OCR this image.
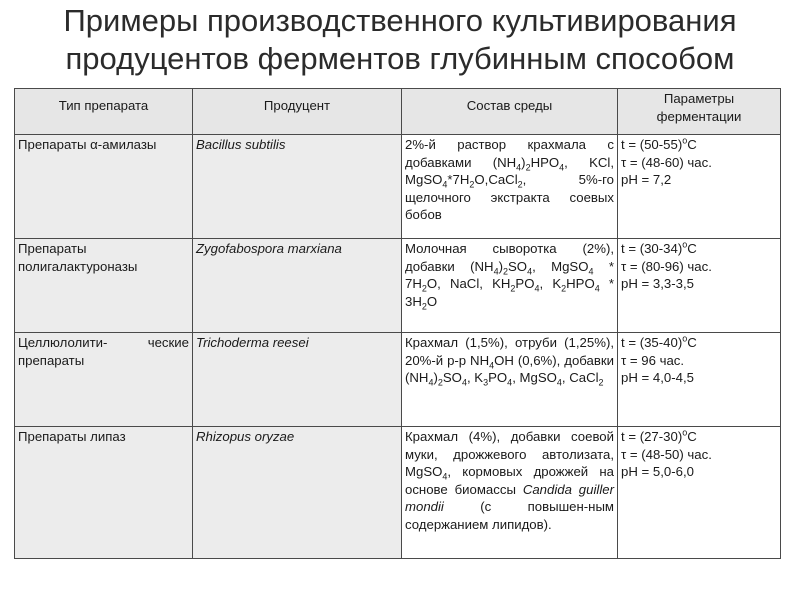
Примеры производственного культивирования
продуцентов ферментов глубинным способом
Тип препарата	Продуцент	Состав среды	Параметры ферментации
Препараты α-амилазы	Bacillus subtilis	2%-й раствор крахмала с добавками $(NH_4)_2HPO_4$, KCl, $MgSO_4*7H_2O,CaCl_2$, 5%-го щелочного экстракта соевых бобов	$t = (50-55)^oC$
τ = (48-60) час.
pH = 7,2

Препараты полигалактуроназы	Zygofabospora marxiana	Молочная сыворотка (2%), добавки $(NH_4)_2SO_4$, MgSO$_4$ * $7H_2O$, NaCl, $KH_2PO_4$, $K_2HPO_4 * 3H_2O$	$t = (30-34)^oC$
τ = (80-96) час.
pH = 3,3-3,5

Целлюлолити- ческие препараты	Trichoderma reesei	Крахмал (1,5%), отруби (1,25%), 20%-й р-р $NH_4OH$ (0,6%), добавки $(NH_4)_2SO_4$, $K_3PO_4$, MgSO$_4$, CaCl$_2$	$t = (35-40)^oC$
τ = 96 час.
pH = 4,0-4,5

Препараты липаз	Rhizopus oryzae	Крахмал (4%), добавки соевой муки, дрожжевого автолизата, MgSO$_4$, кормовых дрожжей на основе биомассы Candida guiller mondii (с повышен-ным содержанием липидов).	$t = (27-30)^oC$
τ = (48-50) час.
pH = 5,0-6,0
